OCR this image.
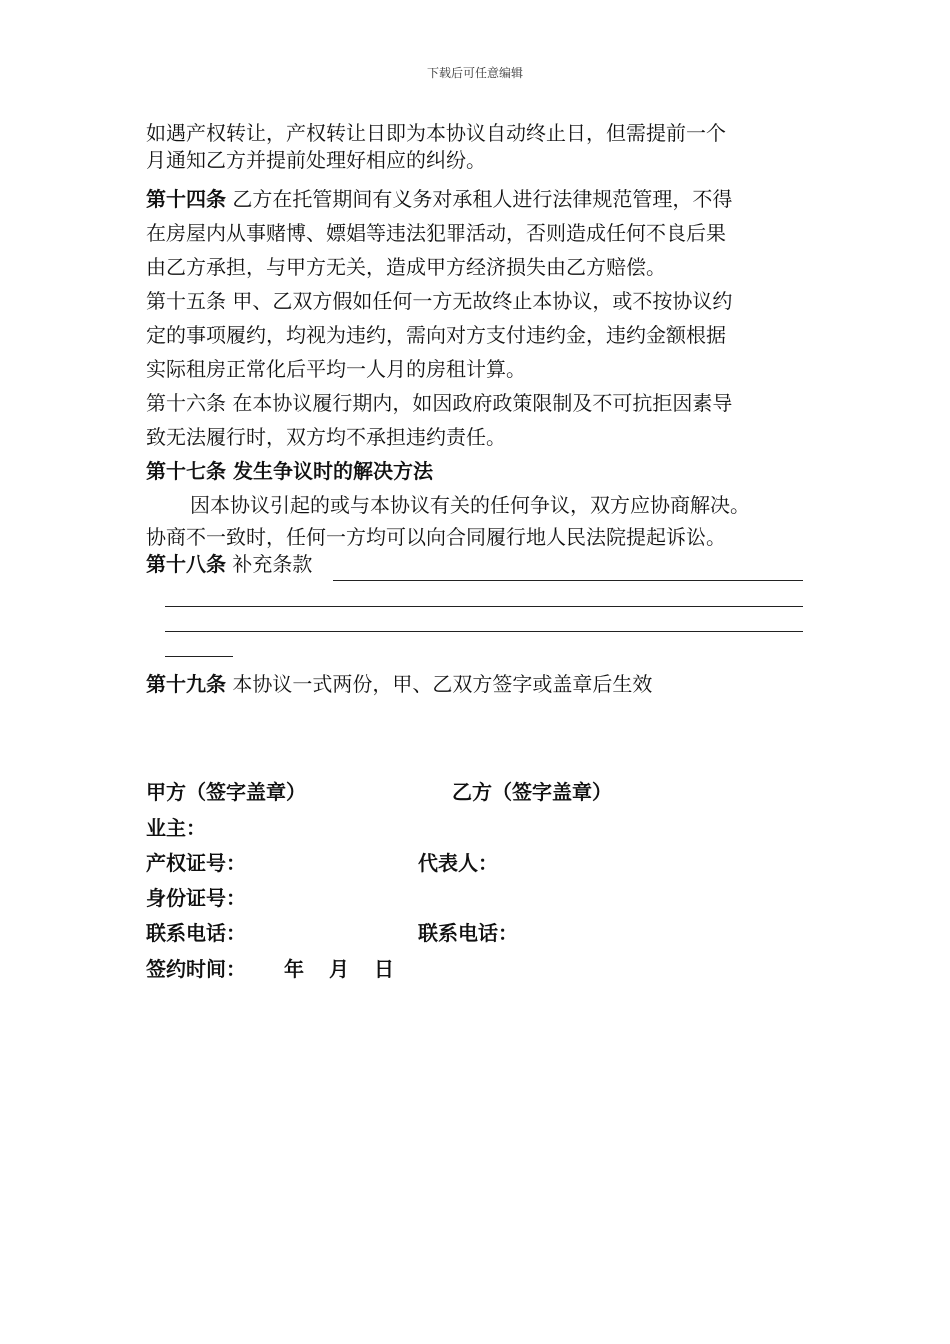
下载后可任意编辑

如遇产权转让，产权转让日即为本协议自动终止日，但需提前一个

月通知乙方并提前处理好相应的纠纷。

第十四条 乙方在托管期间有义务对承租人进行法律规范管理，不得

在房屋内从事赌博、嫖娼等违法犯罪活动，否则造成任何不良后果

由乙方承担，与甲方无关，造成甲方经济损失由乙方赔偿。

第十五条 甲、乙双方假如任何一方无故终止本协议，或不按协议约

定的事项履约，均视为违约，需向对方支付违约金，违约金额根据

实际租房正常化后平均一人月的房租计算。

第十六条 在本协议履行期内，如因政府政策限制及不可抗拒因素导

致无法履行时，双方均不承担违约责任。

第十七条 发生争议时的解决方法

因本协议引起的或与本协议有关的任何争议，双方应协商解决。

协商不一致时，任何一方均可以向合同履行地人民法院提起诉讼。

第十八条 补充条款

第十九条 本协议一式两份，甲、乙双方签字或盖章后生效

甲方（签字盖章）	乙方（签字盖章）
业主：
产权证号：	代表人：
身份证号：
联系电话：	联系电话：
签约时间： 年 月 日
